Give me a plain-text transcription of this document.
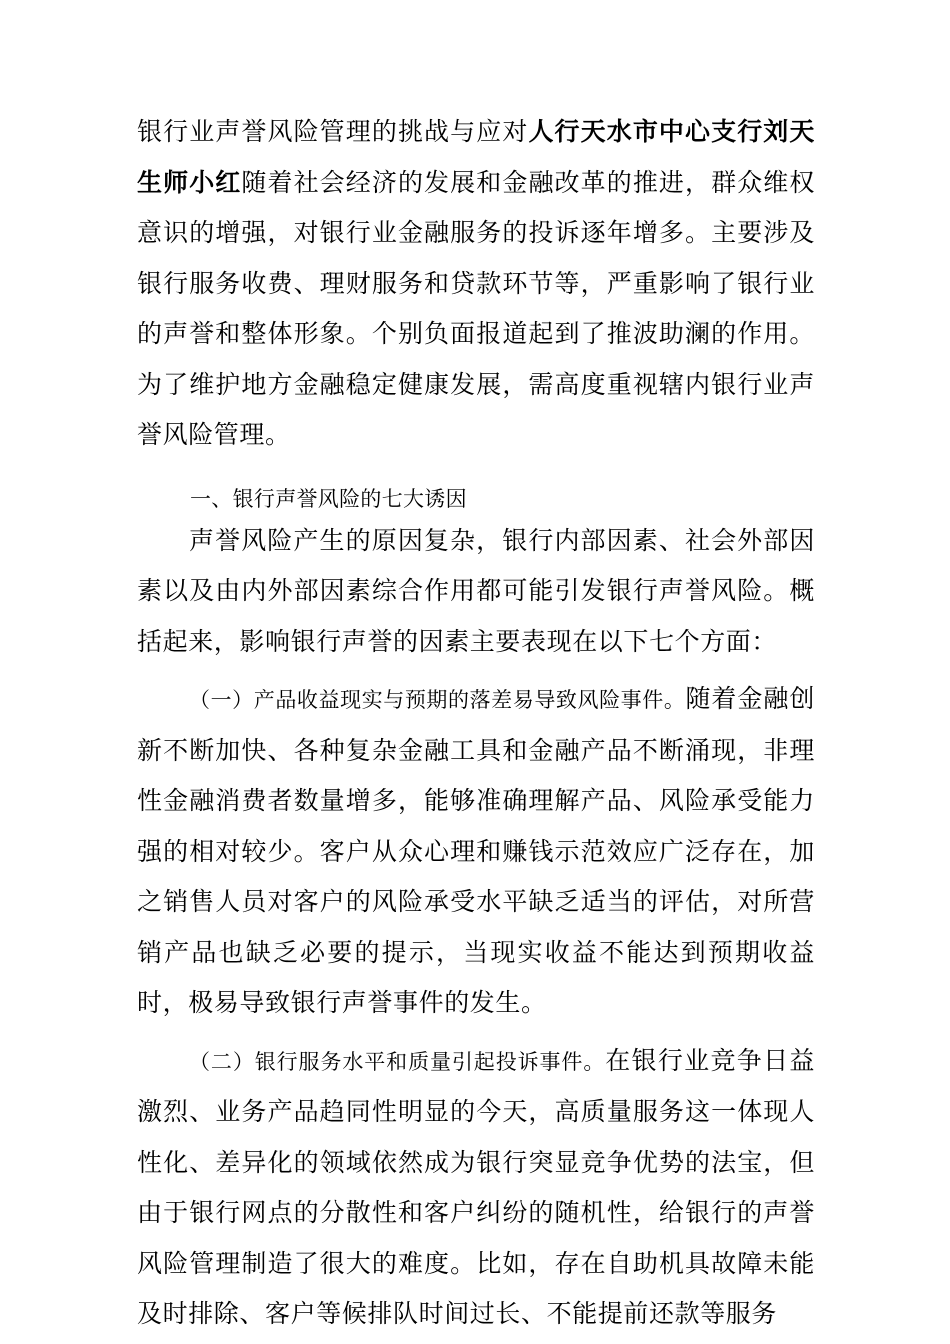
银行业声誉风险管理的挑战与应对人行天水市中心支行刘天生师小红随着社会经济的发展和金融改革的推进，群众维权意识的增强，对银行业金融服务的投诉逐年增多。主要涉及银行服务收费、理财服务和贷款环节等，严重影响了银行业的声誉和整体形象。个别负面报道起到了推波助澜的作用。为了维护地方金融稳定健康发展，需高度重视辖内银行业声誉风险管理。

一、银行声誉风险的七大诱因

声誉风险产生的原因复杂，银行内部因素、社会外部因素以及由内外部因素综合作用都可能引发银行声誉风险。概括起来，影响银行声誉的因素主要表现在以下七个方面：

（一）产品收益现实与预期的落差易导致风险事件。随着金融创新不断加快、各种复杂金融工具和金融产品不断涌现，非理性金融消费者数量增多，能够准确理解产品、风险承受能力强的相对较少。客户从众心理和赚钱示范效应广泛存在，加之销售人员对客户的风险承受水平缺乏适当的评估，对所营销产品也缺乏必要的提示，当现实收益不能达到预期收益时，极易导致银行声誉事件的发生。

（二）银行服务水平和质量引起投诉事件。在银行业竞争日益激烈、业务产品趋同性明显的今天，高质量服务这一体现人性化、差异化的领域依然成为银行突显竞争优势的法宝，但由于银行网点的分散性和客户纠纷的随机性，给银行的声誉风险管理制造了很大的难度。比如，存在自助机具故障未能及时排除、客户等候排队时间过长、不能提前还款等服务
